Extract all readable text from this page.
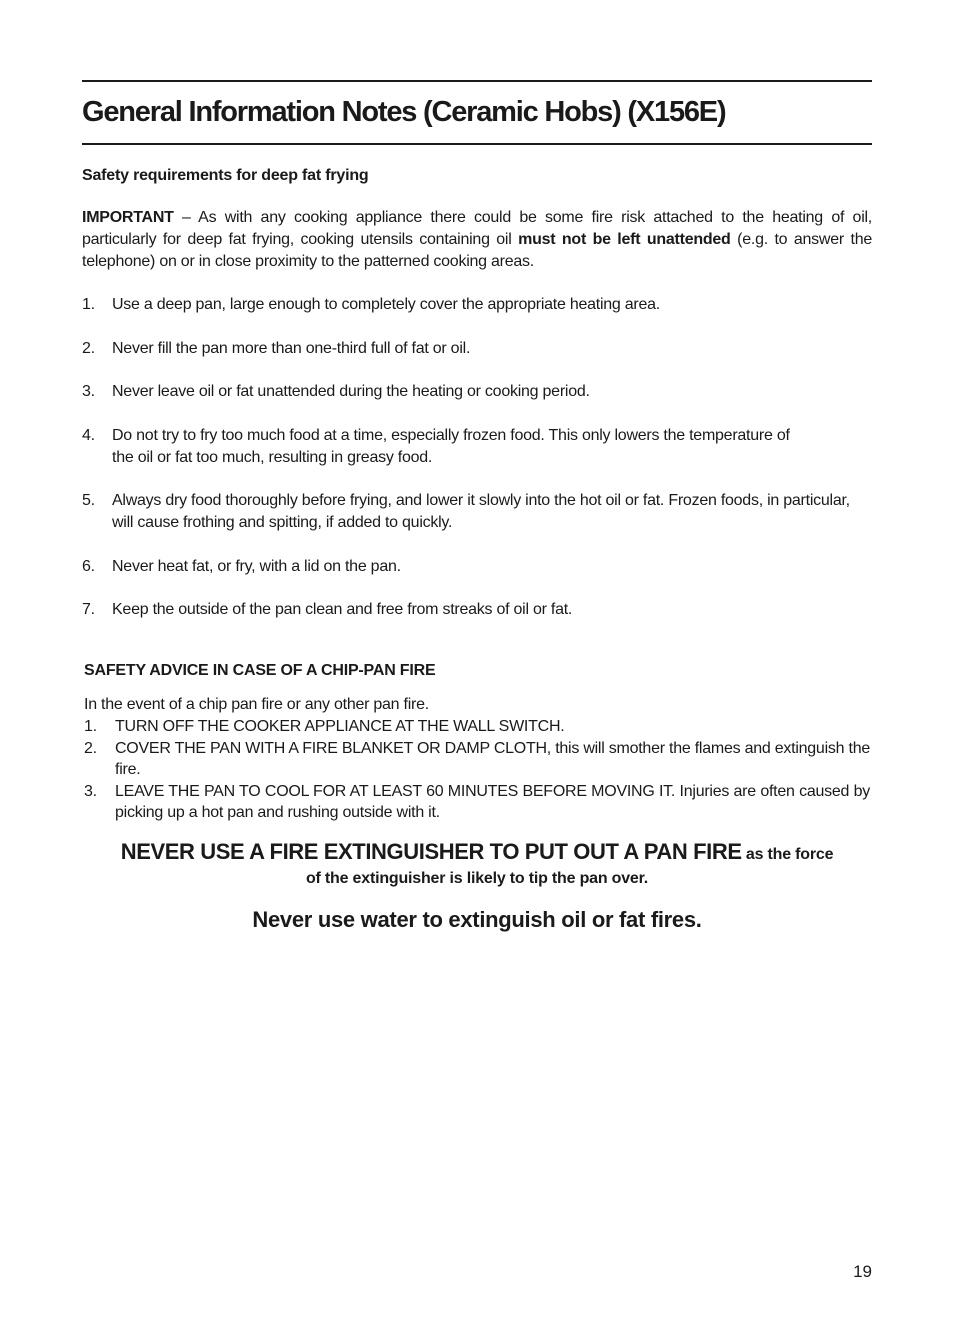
General Information Notes (Ceramic Hobs) (X156E)
Safety requirements for deep fat frying

IMPORTANT – As with any cooking appliance there could be some fire risk attached to the heating of oil, particularly for deep fat frying, cooking utensils containing oil must not be left unattended (e.g. to answer the telephone) on or in close proximity to the patterned cooking areas.

1. Use a deep pan, large enough to completely cover the appropriate heating area.
2. Never fill the pan more than one-third full of fat or oil.
3. Never leave oil or fat unattended during the heating or cooking period.
4. Do not try to fry too much food at a time, especially frozen food. This only lowers the temperature of the oil or fat too much, resulting in greasy food.
5. Always dry food thoroughly before frying, and lower it slowly into the hot oil or fat. Frozen foods, in particular, will cause frothing and spitting, if added to quickly.
6. Never heat fat, or fry, with a lid on the pan.
7. Keep the outside of the pan clean and free from streaks of oil or fat.
SAFETY ADVICE IN CASE OF A CHIP-PAN FIRE

In the event of a chip pan fire or any other pan fire.

1. TURN OFF THE COOKER APPLIANCE AT THE WALL SWITCH.
2. COVER THE PAN WITH A FIRE BLANKET OR DAMP CLOTH, this will smother the flames and extinguish the fire.
3. LEAVE THE PAN TO COOL FOR AT LEAST 60 MINUTES BEFORE MOVING IT. Injuries are often caused by picking up a hot pan and rushing outside with it.

NEVER USE A FIRE EXTINGUISHER TO PUT OUT A PAN FIRE as the force

of the extinguisher is likely to tip the pan over.

Never use water to extinguish oil or fat fires.

19
